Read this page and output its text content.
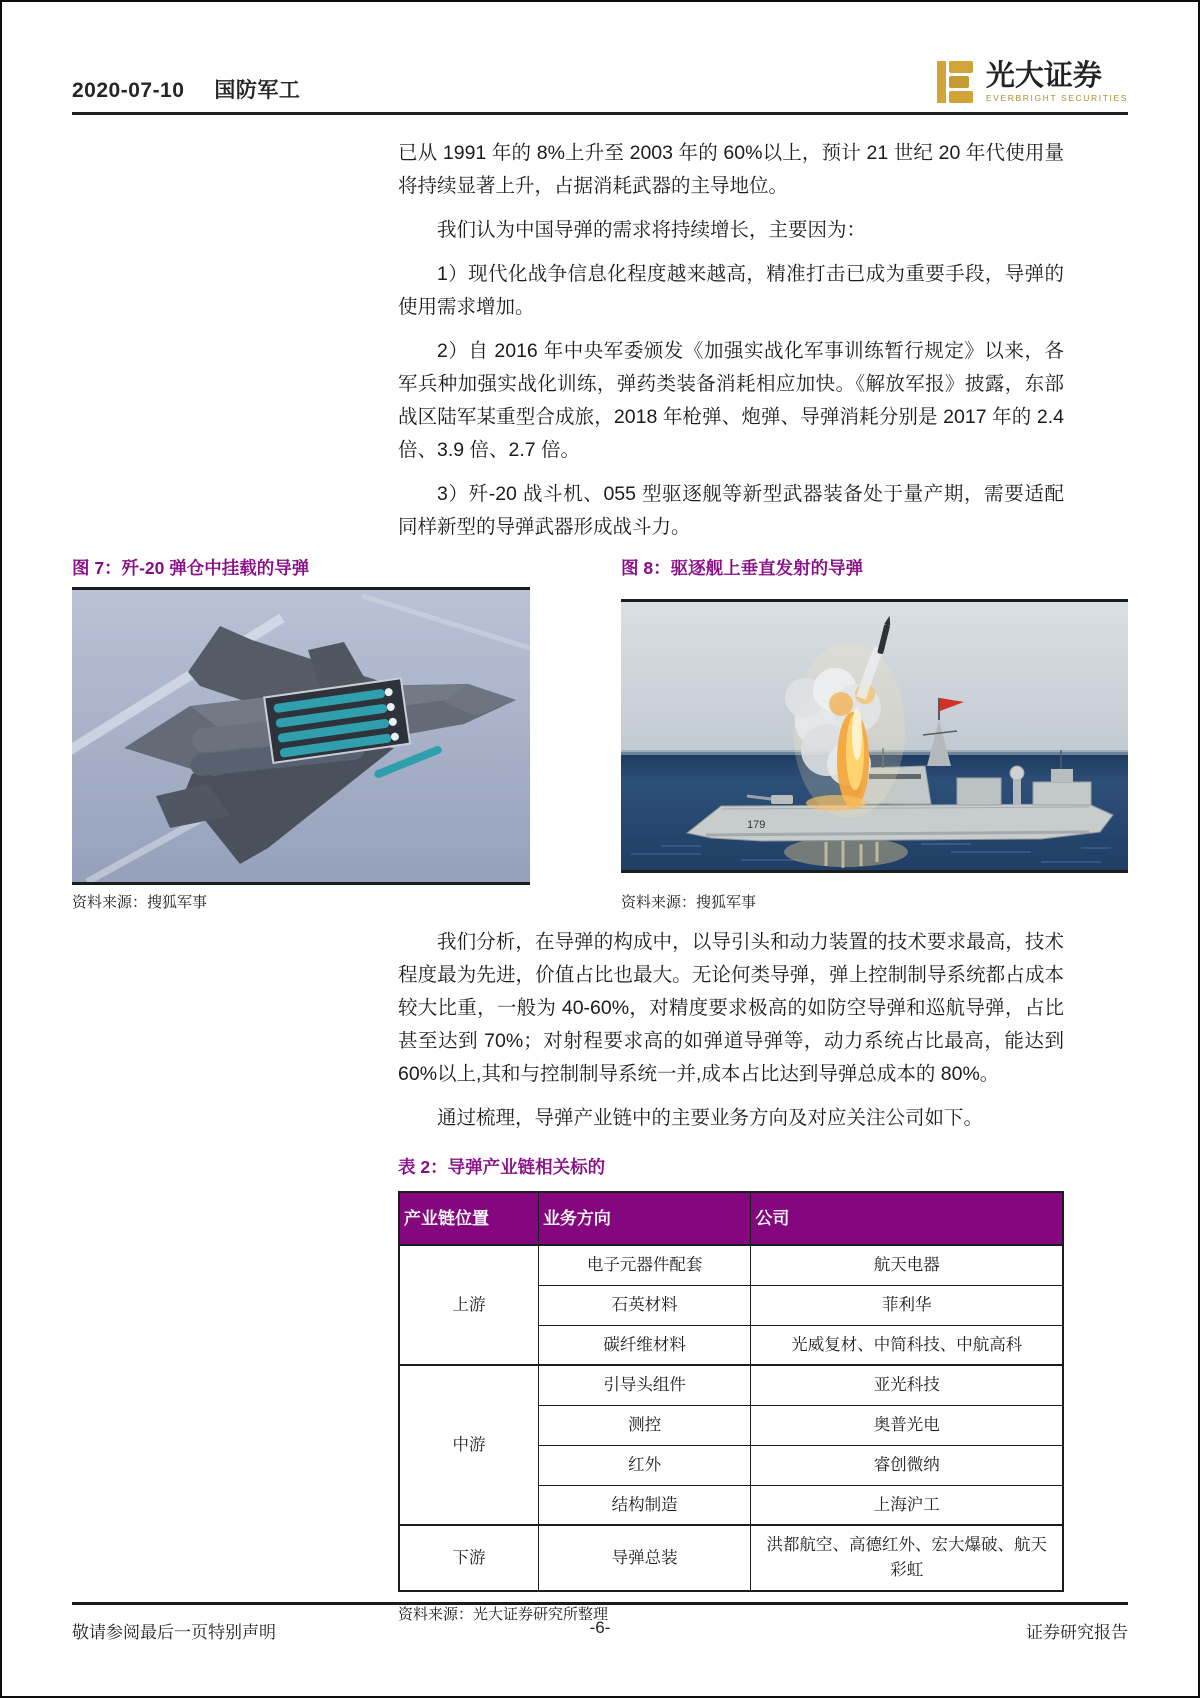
2020-07-10 国防军工	光大证券
EVERBRIGHT SECURITIES

已从 1991 年的 8%上升至 2003 年的 60%以上，预计 21 世纪 20 年代使用量将持续显著上升，占据消耗武器的主导地位。

我们认为中国导弹的需求将持续增长，主要因为：

1）现代化战争信息化程度越来越高，精准打击已成为重要手段，导弹的使用需求增加。

2）自 2016 年中央军委颁发《加强实战化军事训练暂行规定》以来，各军兵种加强实战化训练，弹药类装备消耗相应加快。《解放军报》披露，东部战区陆军某重型合成旅，2018 年枪弹、炮弹、导弹消耗分别是 2017 年的 2.4 倍、3.9 倍、2.7 倍。

3）歼-20 战斗机、055 型驱逐舰等新型武器装备处于量产期，需要适配同样新型的导弹武器形成战斗力。

图 7：歼-20 弹仓中挂载的导弹
资料来源：搜狐军事
图 8：驱逐舰上垂直发射的导弹
179
资料来源：搜狐军事

我们分析，在导弹的构成中，以导引头和动力装置的技术要求最高，技术程度最为先进，价值占比也最大。无论何类导弹，弹上控制制导系统都占成本较大比重，一般为 40-60%，对精度要求极高的如防空导弹和巡航导弹，占比甚至达到 70%；对射程要求高的如弹道导弹等，动力系统占比最高，能达到 60%以上,其和与控制制导系统一并,成本占比达到导弹总成本的 80%。

通过梳理，导弹产业链中的主要业务方向及对应关注公司如下。

表 2：导弹产业链相关标的
产业链位置	业务方向	公司
上游	电子元器件配套	航天电器
	石英材料	菲利华
	碳纤维材料	光威复材、中简科技、中航高科
中游	引导头组件	亚光科技
	测控	奥普光电
	红外	睿创微纳
	结构制造	上海沪工
下游	导弹总装	洪都航空、高德红外、宏大爆破、航天彩虹
资料来源：光大证券研究所整理
敬请参阅最后一页特别声明	-6-	证券研究报告
